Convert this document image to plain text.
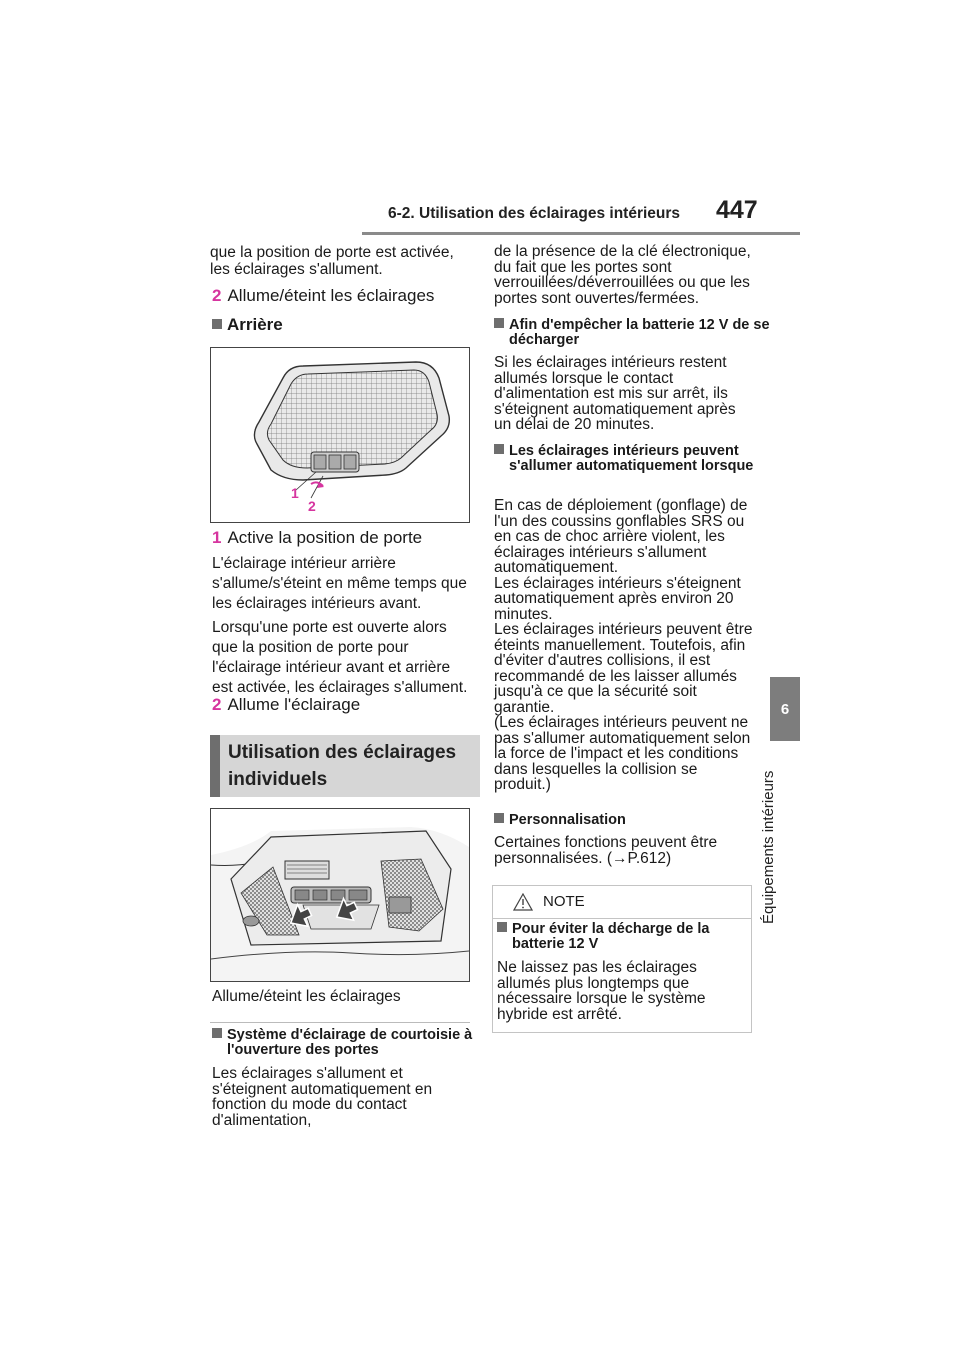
6-2. Utilisation des éclairages intérieurs 447
6
Équipements intérieurs

que la position de porte est activée, les éclairages s'allument.

2 Allume/éteint les éclairages
Arrière
1
2
1 Active la position de porte

L'éclairage intérieur arrière s'allume/s'éteint en même temps que les éclairages intérieurs avant.

Lorsqu'une porte est ouverte alors que la position de porte pour l'éclairage intérieur avant et arrière est activée, les éclairages s'allument.

2 Allume l'éclairage
Utilisation des éclairages
individuels

Allume/éteint les éclairages

Système d'éclairage de courtoisie à l'ouverture des portes

Les éclairages s'allument et s'éteignent automatiquement en fonction du mode du contact d'alimentation,

de la présence de la clé électronique, du fait que les portes sont verrouillées/déverrouillées ou que les portes sont ouvertes/fermées.

Afin d'empêcher la batterie 12 V de se décharger

Si les éclairages intérieurs restent allumés lorsque le contact d'alimentation est mis sur arrêt, ils s'éteignent automatiquement après un délai de 20 minutes.

Les éclairages intérieurs peuvent s'allumer automatiquement lorsque

En cas de déploiement (gonflage) de l'un des coussins gonflables SRS ou en cas de choc arrière violent, les éclairages intérieurs s'allument automatiquement.

Les éclairages intérieurs s'éteignent automatiquement après environ 20 minutes.

Les éclairages intérieurs peuvent être éteints manuellement. Toutefois, afin d'éviter d'autres collisions, il est recommandé de les laisser allumés jusqu'à ce que la sécurité soit garantie.

(Les éclairages intérieurs peuvent ne pas s'allumer automatiquement selon la force de l'impact et les conditions dans lesquelles la collision se produit.)

Personnalisation

Certaines fonctions peuvent être personnalisées. (→P.612)

NOTE
Pour éviter la décharge de la batterie 12 V

Ne laissez pas les éclairages allumés plus longtemps que nécessaire lorsque le système hybride est arrêté.
